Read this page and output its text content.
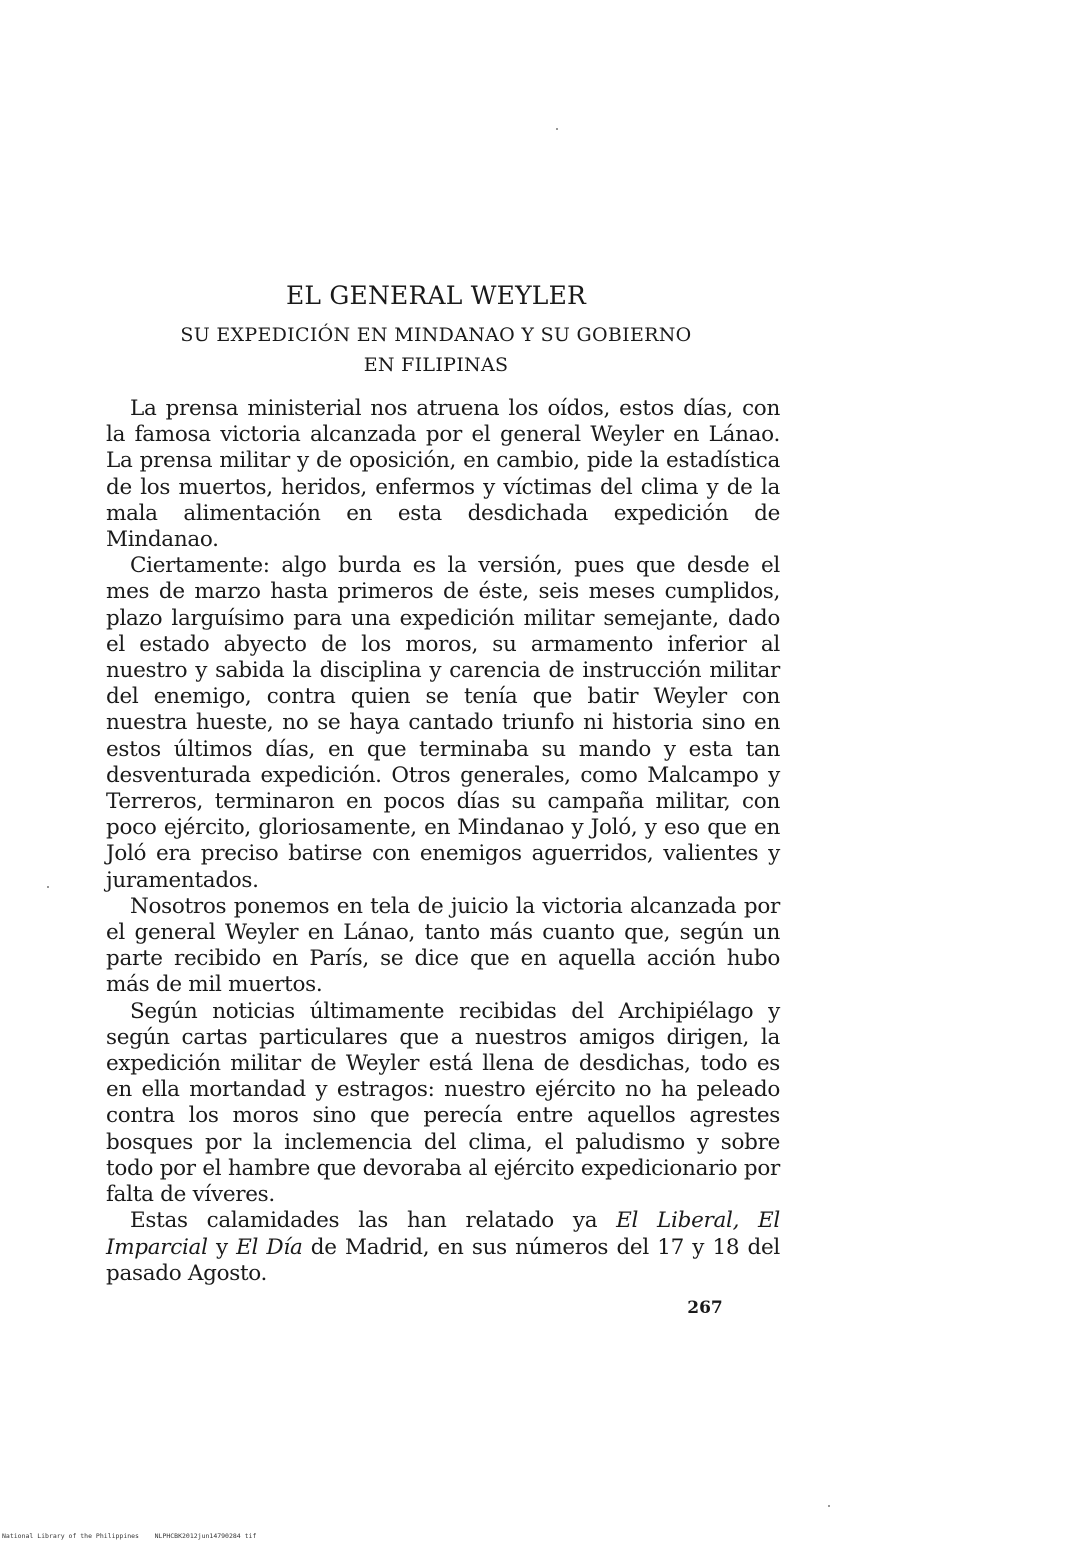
EL GENERAL WEYLER
SU EXPEDICIÓN EN MINDANAO Y SU GOBIERNO
EN FILIPINAS

La prensa ministerial nos atruena los oídos, estos días, con la famosa victoria alcanzada por el general Weyler en Lánao. La prensa militar y de oposición, en cambio, pide la estadística de los muertos, heridos, enfermos y víctimas del clima y de la mala alimentación en esta desdichada expedición de Mindanao.

Ciertamente: algo burda es la versión, pues que desde el mes de marzo hasta primeros de éste, seis meses cumplidos, plazo larguísimo para una expedición militar semejante, dado el estado abyecto de los moros, su armamento inferior al nuestro y sabida la disciplina y carencia de instrucción militar del enemigo, contra quien se tenía que batir Weyler con nuestra hueste, no se haya cantado triunfo ni historia sino en estos últimos días, en que terminaba su mando y esta tan desventurada expedición. Otros generales, como Malcampo y Terreros, terminaron en pocos días su campaña militar, con poco ejército, gloriosamente, en Mindanao y Joló, y eso que en Joló era preciso batirse con enemigos aguerridos, valientes y juramentados.

Nosotros ponemos en tela de juicio la victoria alcanzada por el general Weyler en Lánao, tanto más cuanto que, según un parte recibido en París, se dice que en aquella acción hubo más de mil muertos.

Según noticias últimamente recibidas del Archipiélago y según cartas particulares que a nuestros amigos dirigen, la expedición militar de Weyler está llena de desdichas, todo es en ella mortandad y estragos: nuestro ejército no ha peleado contra los moros sino que perecía entre aquellos agrestes bosques por la inclemencia del clima, el paludismo y sobre todo por el hambre que devoraba al ejército expedicionario por falta de víveres.

Estas calamidades las han relatado ya El Liberal, El Imparcial y El Día de Madrid, en sus números del 17 y 18 del pasado Agosto.

267
National Library of the Philippines    NLPHCBK2012jun14790284 tif
